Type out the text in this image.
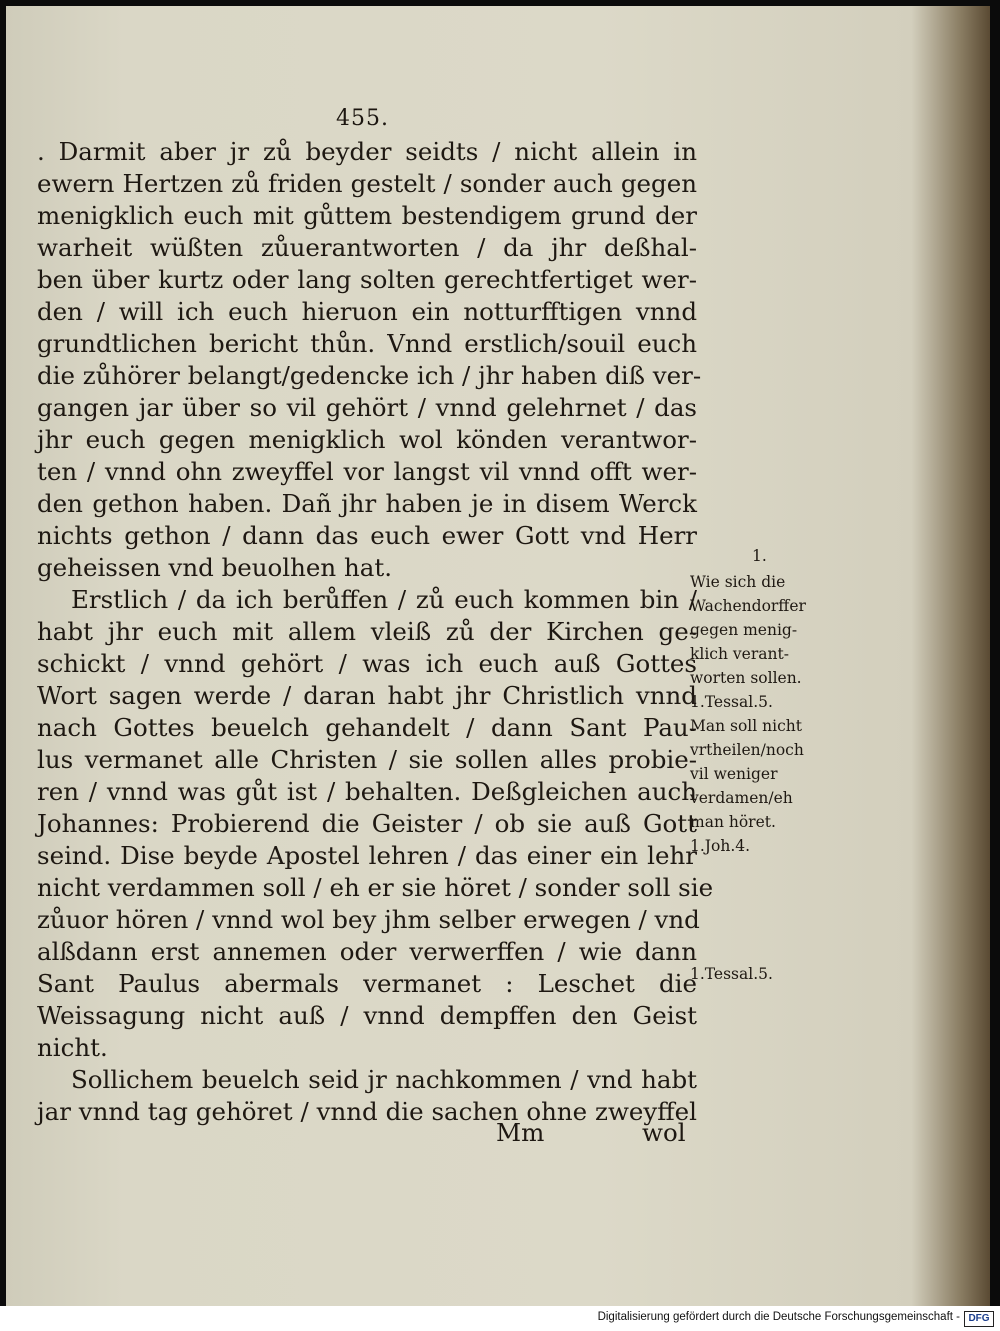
455.
. Darmit aber jr zů beyder seidts / nicht allein in
ewern Hertzen zů friden gestelt / sonder auch gegen
menigklich euch mit gůttem bestendigem grund der
warheit wüßten zůuerantworten / da jhr deßhal-
ben über kurtz oder lang solten gerechtfertiget wer-
den / will ich euch hieruon ein notturfftigen vnnd
grundtlichen bericht thůn. Vnnd erstlich/souil euch
die zůhörer belangt/gedencke ich / jhr haben diß ver-
gangen jar über so vil gehört / vnnd gelehrnet / das
jhr euch gegen menigklich wol könden verantwor-
ten / vnnd ohn zweyffel vor langst vil vnnd offt wer-
den gethon haben. Dañ jhr haben je in disem Werck
nichts gethon / dann das euch ewer Gott vnd Herr
geheissen vnd beuolhen hat.
Erstlich / da ich berůffen / zů euch kommen bin /
habt jhr euch mit allem vleiß zů der Kirchen ge-
schickt / vnnd gehört / was ich euch auß Gottes
Wort sagen werde / daran habt jhr Christlich vnnd
nach Gottes beuelch gehandelt / dann Sant Pau-
lus vermanet alle Christen / sie sollen alles probie-
ren / vnnd was gůt ist / behalten. Deßgleichen auch
Johannes: Probierend die Geister / ob sie auß Gott
seind. Dise beyde Apostel lehren / das einer ein lehr
nicht verdammen soll / eh er sie höret / sonder soll sie
zůuor hören / vnnd wol bey jhm selber erwegen / vnd
alßdann erst annemen oder verwerffen / wie dann
Sant Paulus abermals vermanet : Leschet die
Weissagung nicht auß / vnnd dempffen den Geist
nicht.
Sollichem beuelch seid jr nachkommen / vnd habt
jar vnnd tag gehöret / vnnd die sachen ohne zweyffel
1.
Wie sich die
Wachendorffer
gegen menig-
klich verant-
worten sollen.
1.Tessal.5.
Man soll nicht
vrtheilen/noch
vil weniger
verdamen/eh
man höret.
1.Joh.4.
1.Tessal.5.
Mm	wol
Digitalisierung gefördert durch die Deutsche Forschungsgemeinschaft - DFG
